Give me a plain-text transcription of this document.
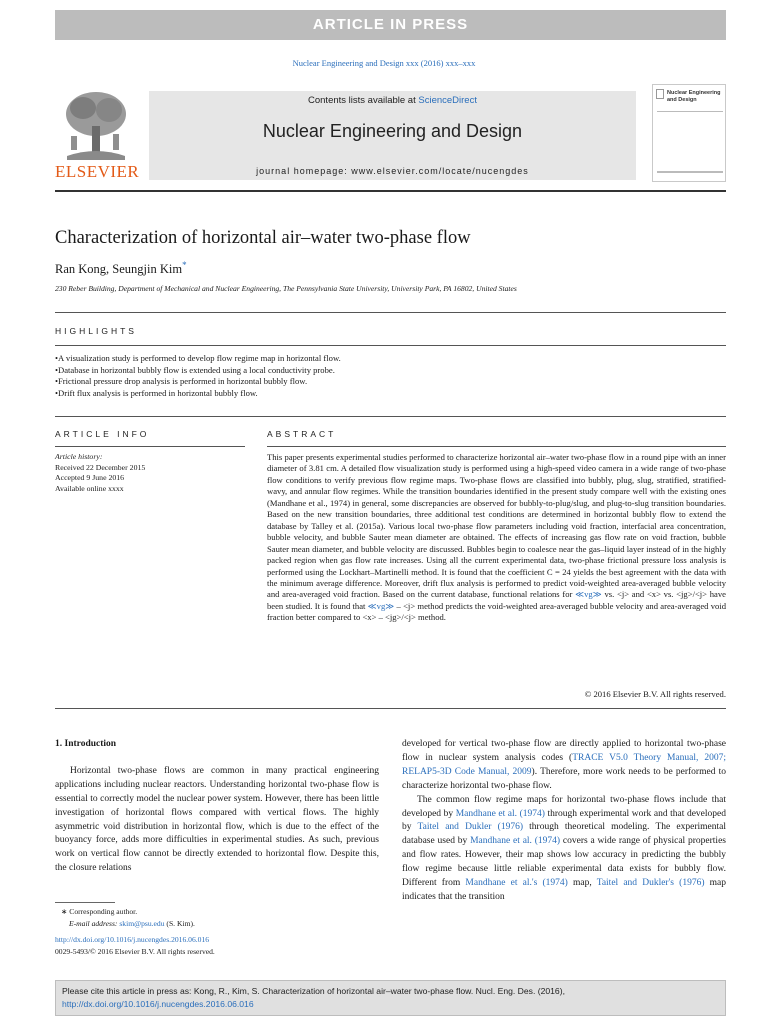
ARTICLE IN PRESS
Nuclear Engineering and Design xxx (2016) xxx–xxx
ELSEVIER
Contents lists available at ScienceDirect
Nuclear Engineering and Design
journal homepage: www.elsevier.com/locate/nucengdes
Nuclear Engineering and Design
Characterization of horizontal air–water two-phase flow
Ran Kong, Seungjin Kim*
230 Reber Building, Department of Mechanical and Nuclear Engineering, The Pennsylvania State University, University Park, PA 16802, United States
HIGHLIGHTS
• A visualization study is performed to develop flow regime map in horizontal flow.
• Database in horizontal bubbly flow is extended using a local conductivity probe.
• Frictional pressure drop analysis is performed in horizontal bubbly flow.
• Drift flux analysis is performed in horizontal bubbly flow.
ARTICLE INFO	ABSTRACT
Article history:
Received 22 December 2015
Accepted 9 June 2016
Available online xxxx
This paper presents experimental studies performed to characterize horizontal air–water two-phase flow in a round pipe with an inner diameter of 3.81 cm. A detailed flow visualization study is performed using a high-speed video camera in a wide range of two-phase flow conditions to verify previous flow regime maps. Two-phase flows are classified into bubbly, plug, slug, stratified, stratified-wavy, and annular flow regimes. While the transition boundaries identified in the present study compare well with the existing ones (Mandhane et al., 1974) in general, some discrepancies are observed for bubbly-to-plug/slug, and plug-to-slug transition boundaries. Based on the new transition boundaries, three additional test conditions are determined in horizontal bubbly flow to extend the database by Talley et al. (2015a). Various local two-phase flow parameters including void fraction, interfacial area concentration, bubble velocity, and bubble Sauter mean diameter are obtained. The effects of increasing gas flow rate on void fraction, bubble Sauter mean diameter, and bubble velocity are discussed. Bubbles begin to coalesce near the gas–liquid layer instead of in the highly packed region when gas flow rate increases. Using all the current experimental data, two-phase frictional pressure loss analysis is performed using the Lockhart–Martinelli method. It is found that the coefficient C = 24 yields the best agreement with the data with the minimum average difference. Moreover, drift flux analysis is performed to predict void-weighted area-averaged bubble velocity and area-averaged void fraction. Based on the current database, functional relations for ≪vg≫ vs. <j> and <x> vs. <jg>/<j> have been studied. It is found that ≪vg≫ – <j> method predicts the void-weighted area-averaged bubble velocity and area-averaged void fraction better compared to <x> – <jg>/<j> method.
© 2016 Elsevier B.V. All rights reserved.
1. Introduction

Horizontal two-phase flows are common in many practical engineering applications including nuclear reactors. Understanding horizontal two-phase flow is essential to correctly model the nuclear power system. However, there has been little investigation of horizontal flows compared with vertical flows. The highly asymmetric void distribution in horizontal flow, which is due to the effect of the buoyancy force, adds more difficulties in experimental studies. As such, previous work on vertical flow cannot be directly extended to horizontal flow. Despite this, the closure relations

developed for vertical two-phase flow are directly applied to horizontal two-phase flow in nuclear system analysis codes (TRACE V5.0 Theory Manual, 2007; RELAP5-3D Code Manual, 2009). Therefore, more work needs to be performed to characterize horizontal two-phase flow.

The common flow regime maps for horizontal two-phase flows include that developed by Mandhane et al. (1974) through experimental work and that developed by Taitel and Dukler (1976) through theoretical modeling. The experimental database used by Mandhane et al. (1974) covers a wide range of physical properties and flow rates. However, their map shows low accuracy in predicting the bubbly flow regime because little reliable experimental data exists for bubbly flow. Different from Mandhane et al.'s (1974) map, Taitel and Dukler's (1976) map indicates that the transition

∗ Corresponding author.
E-mail address: skim@psu.edu (S. Kim).
http://dx.doi.org/10.1016/j.nucengdes.2016.06.016
0029-5493/© 2016 Elsevier B.V. All rights reserved.
Please cite this article in press as: Kong, R., Kim, S. Characterization of horizontal air–water two-phase flow. Nucl. Eng. Des. (2016), http://dx.doi.org/10.1016/j.nucengdes.2016.06.016
